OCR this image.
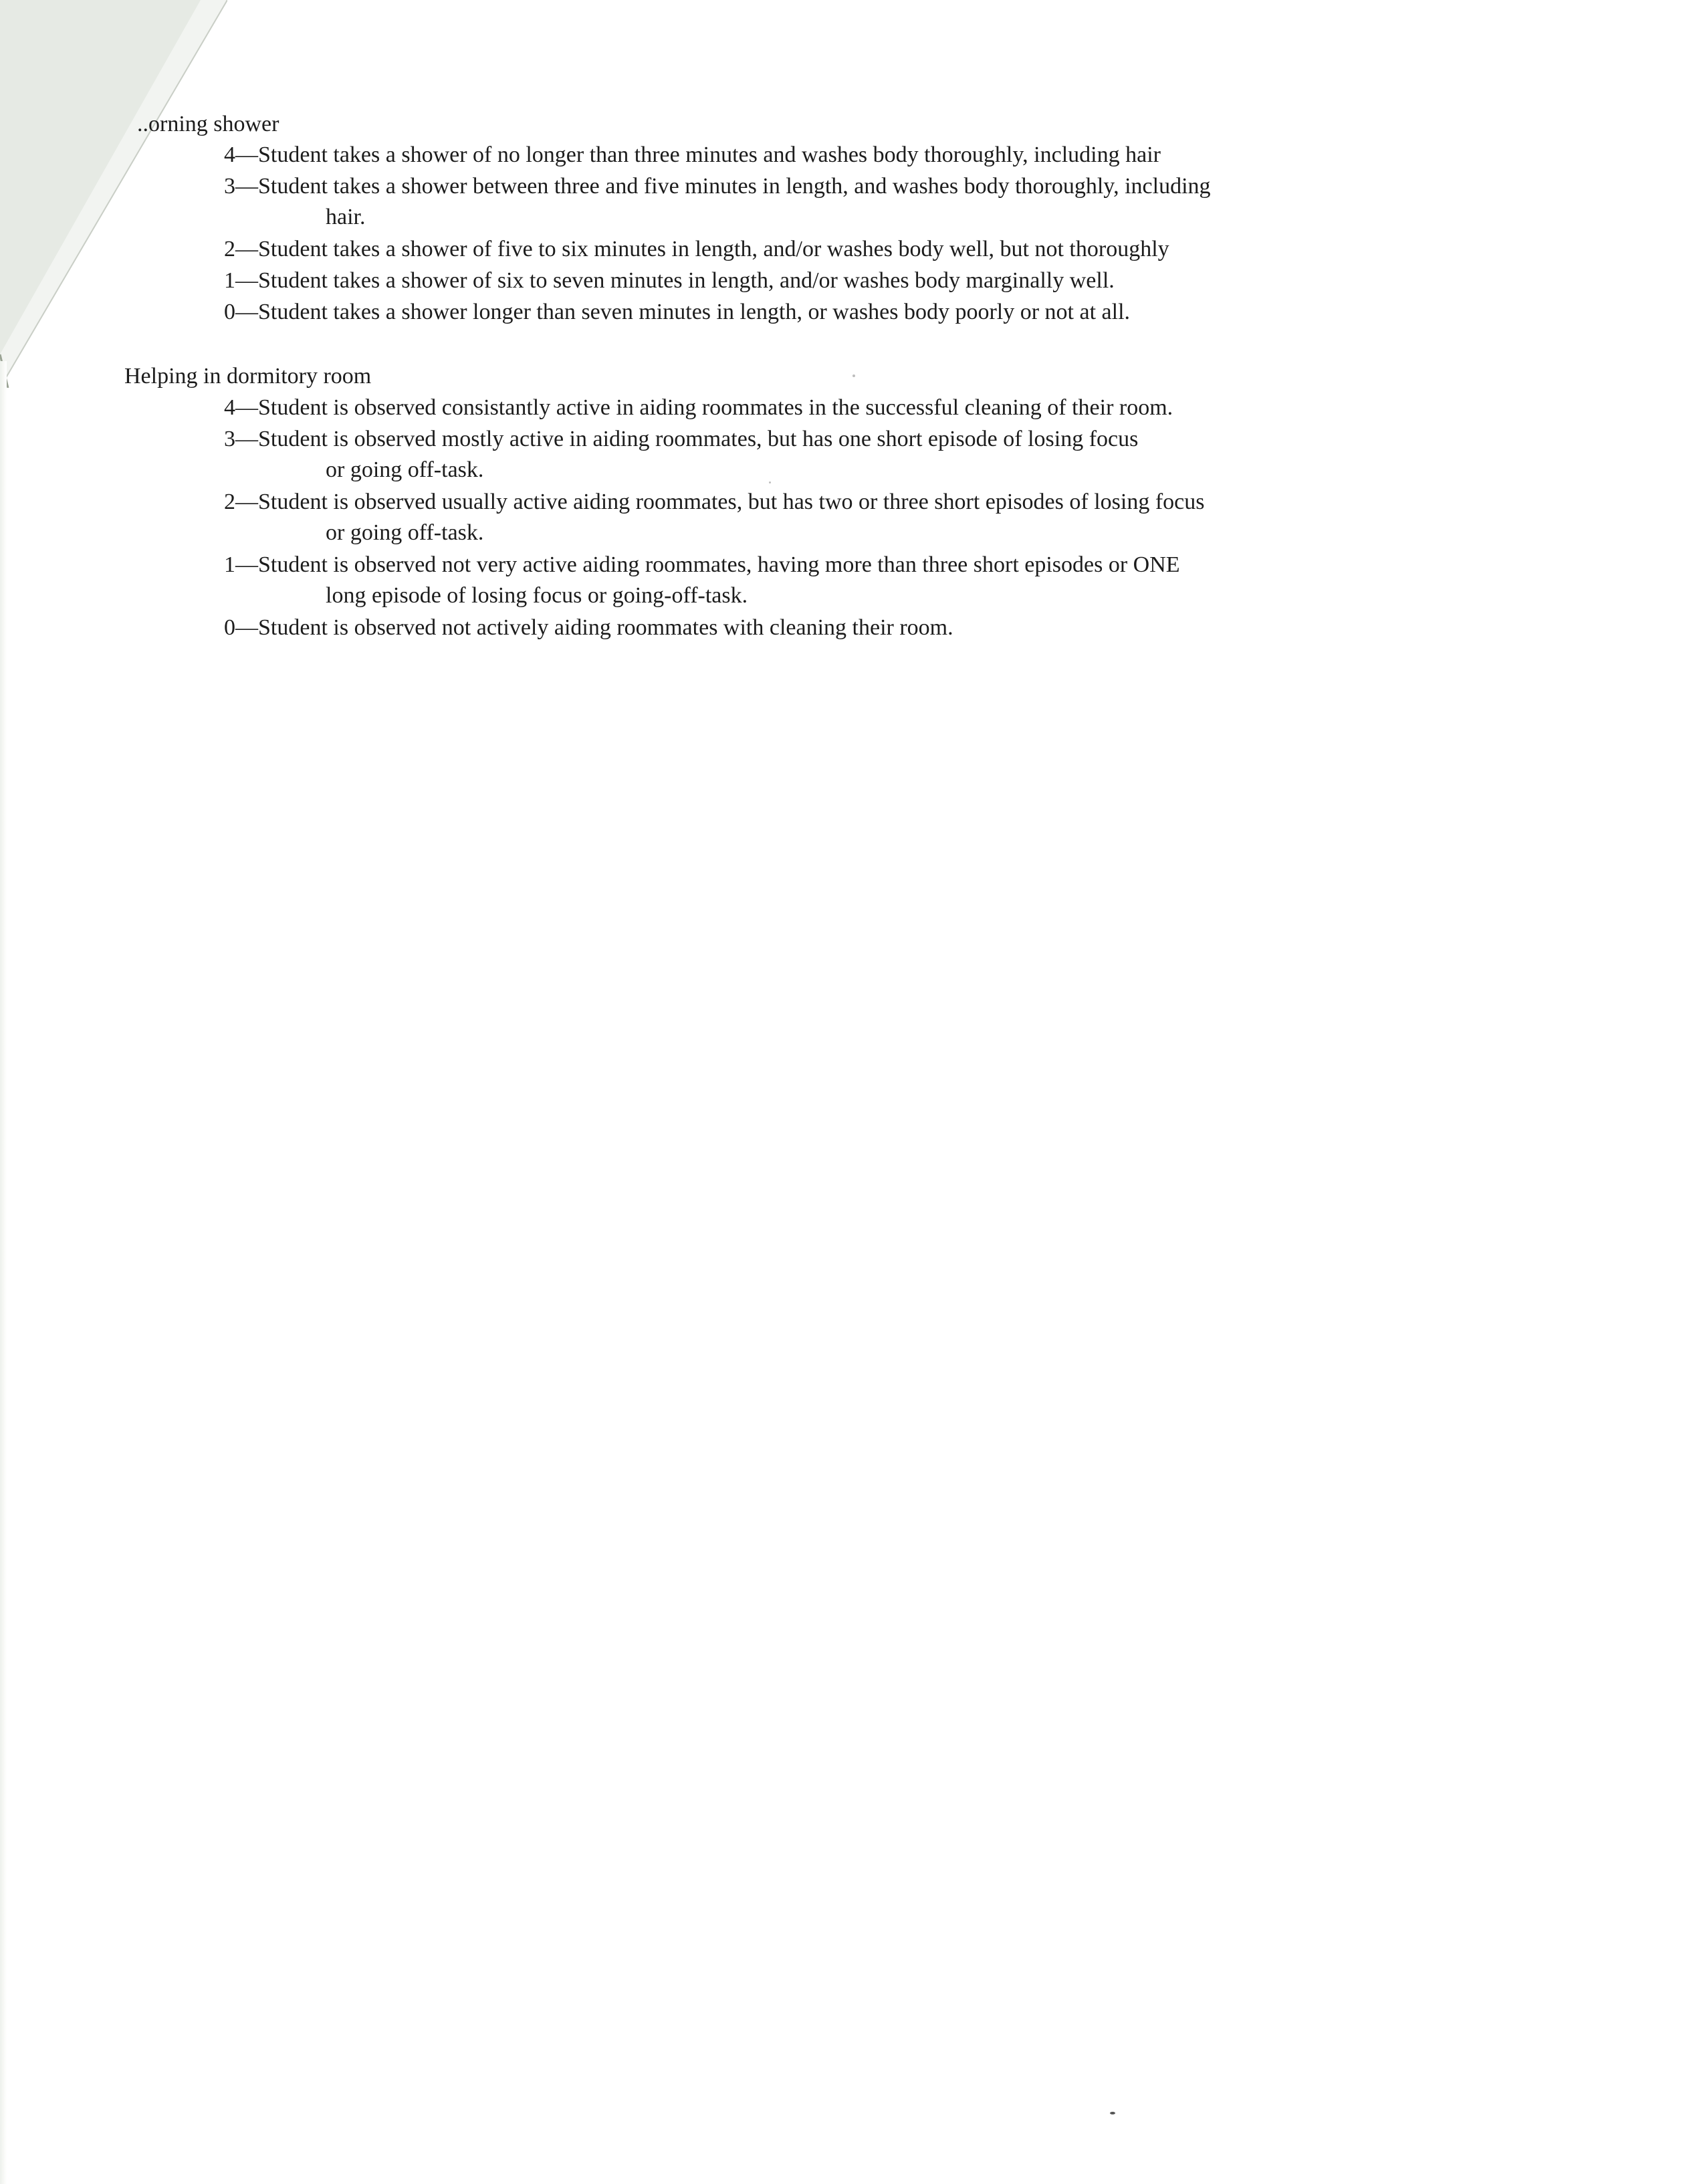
..orning shower
4—Student takes a shower of no longer than three minutes and washes body thoroughly, including hair
3—Student takes a shower between three and five minutes in length, and washes body thoroughly, including
hair.
2—Student takes a shower of five to six minutes in length, and/or washes body well, but not thoroughly
1—Student takes a shower of six to seven minutes in length, and/or washes body marginally well.
0—Student takes a shower longer than seven minutes in length, or washes body poorly or not at all.
Helping in dormitory room
4—Student is observed consistantly active in aiding roommates in the successful cleaning of their room.
3—Student is observed mostly active in aiding roommates, but has one short episode of losing focus
or going off-task.
2—Student is observed usually active aiding roommates, but has two or three short episodes of losing focus
or going off-task.
1—Student is observed not very active aiding roommates, having more than three short episodes or ONE
long episode of losing focus or going-off-task.
0—Student is observed not actively aiding roommates with cleaning their room.
